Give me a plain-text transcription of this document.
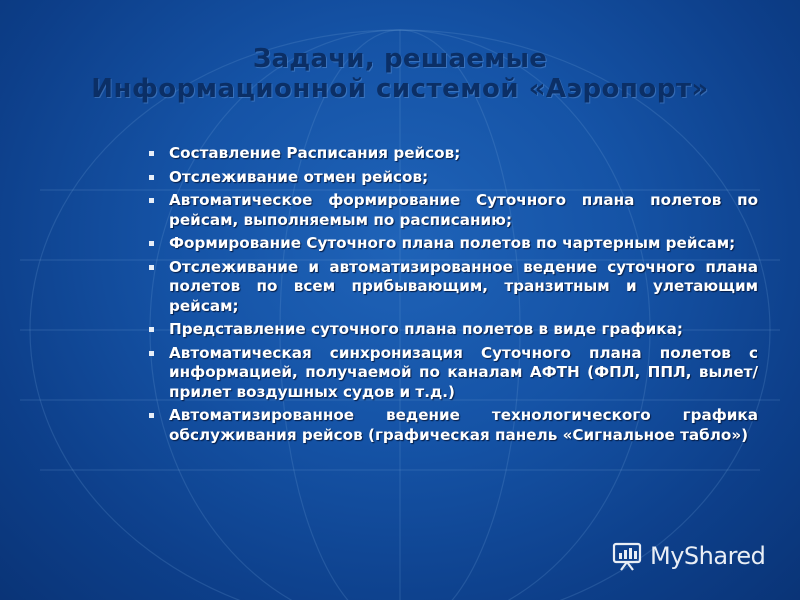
Задачи, решаемые
Информационной системой «Аэропорт»
Составление Расписания рейсов;
Отслеживание отмен рейсов;
Автоматическое формирование Суточного плана полетов по рейсам, выполняемым по расписанию;
Формирование Суточного плана полетов по чартерным рейсам;
Отслеживание и автоматизированное ведение суточного плана полетов по всем прибывающим, транзитным и улетающим рейсам;
Представление суточного плана полетов в виде графика;
Автоматическая синхронизация Суточного плана полетов с информацией, получаемой по каналам АФТН (ФПЛ, ППЛ, вылет/прилет воздушных судов и т.д.)
Автоматизированное ведение технологического графика обслуживания рейсов (графическая панель «Сигнальное табло»)
MyShared
